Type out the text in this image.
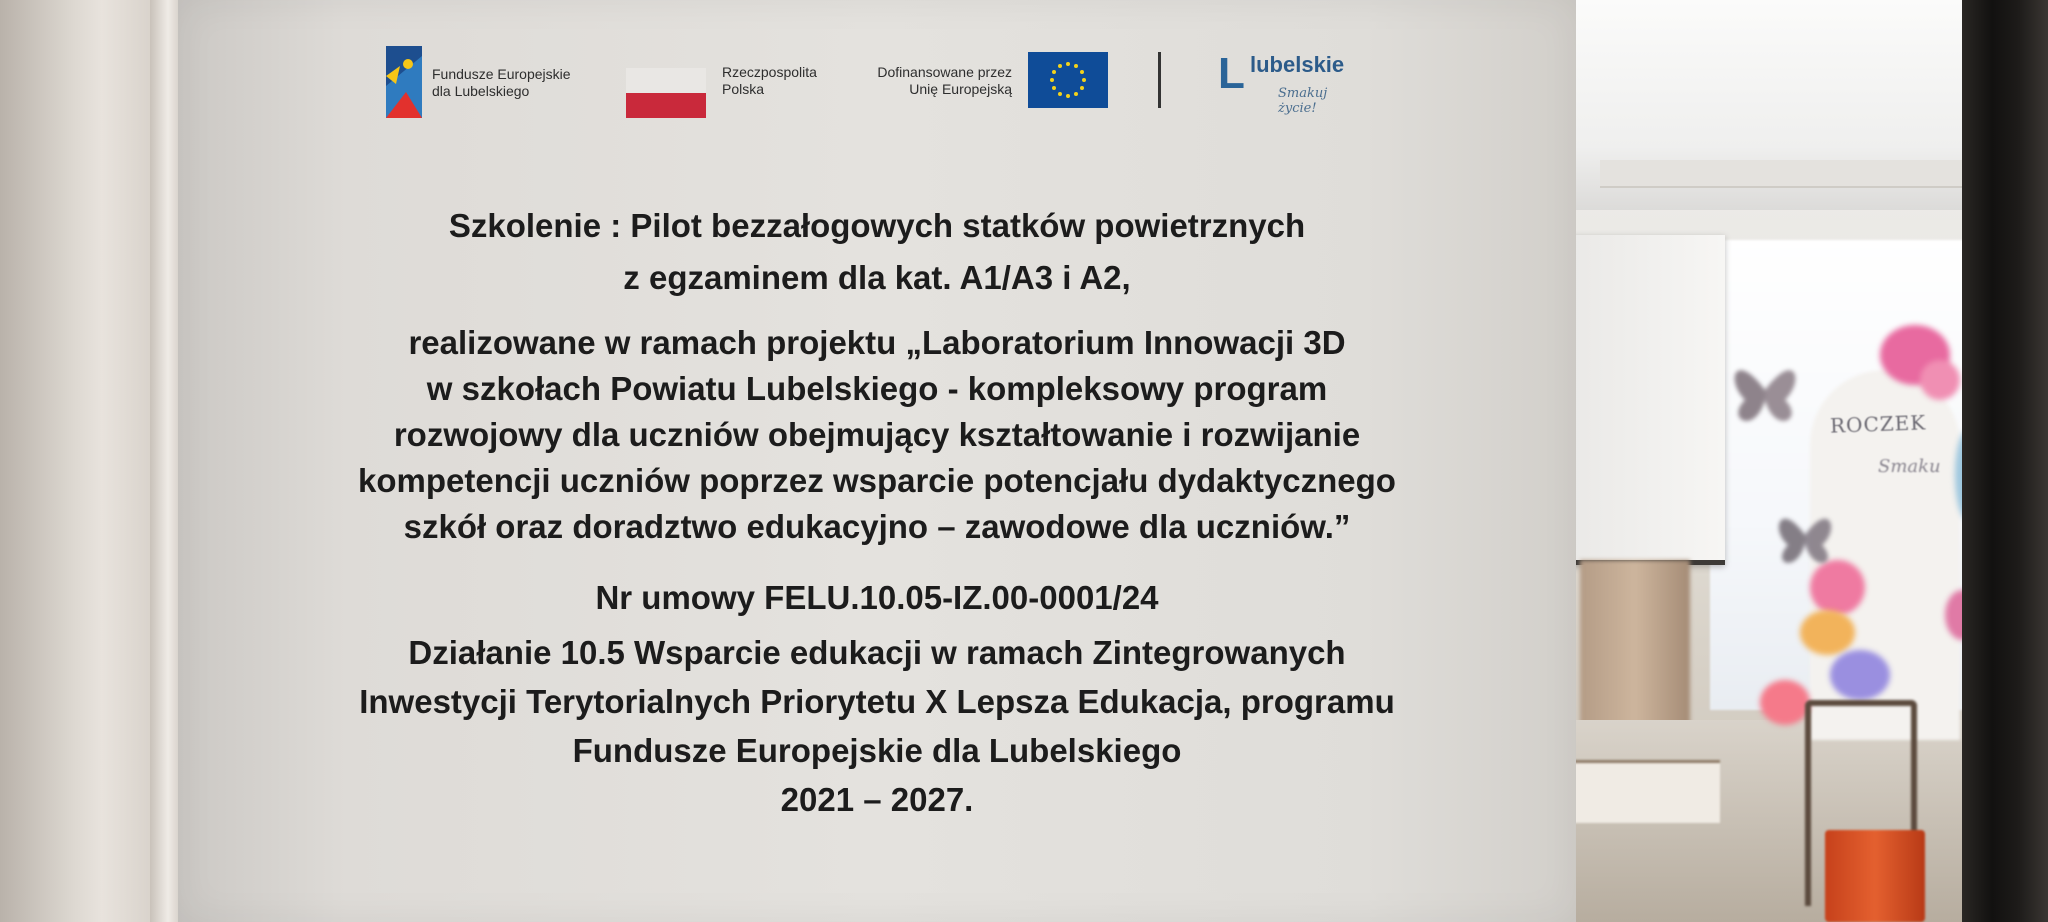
ROCZEK
Smaku
Fundusze Europejskie
dla Lubelskiego
Rzeczpospolita
Polska
Dofinansowane przez
Unię Europejską	L lubelskie
Smakuj życie!
Szkolenie : Pilot bezzałogowych statków powietrznych
z egzaminem dla kat. A1/A3 i A2,
realizowane w ramach projektu „Laboratorium Innowacji 3D
w szkołach Powiatu Lubelskiego - kompleksowy program
rozwojowy dla uczniów obejmujący kształtowanie i rozwijanie
kompetencji uczniów poprzez wsparcie potencjału dydaktycznego
szkół oraz doradztwo edukacyjno – zawodowe dla uczniów.”
Nr umowy FELU.10.05-IZ.00-0001/24
Działanie 10.5 Wsparcie edukacji w ramach Zintegrowanych
Inwestycji Terytorialnych Priorytetu X Lepsza Edukacja, programu
Fundusze Europejskie dla Lubelskiego
2021 – 2027.
